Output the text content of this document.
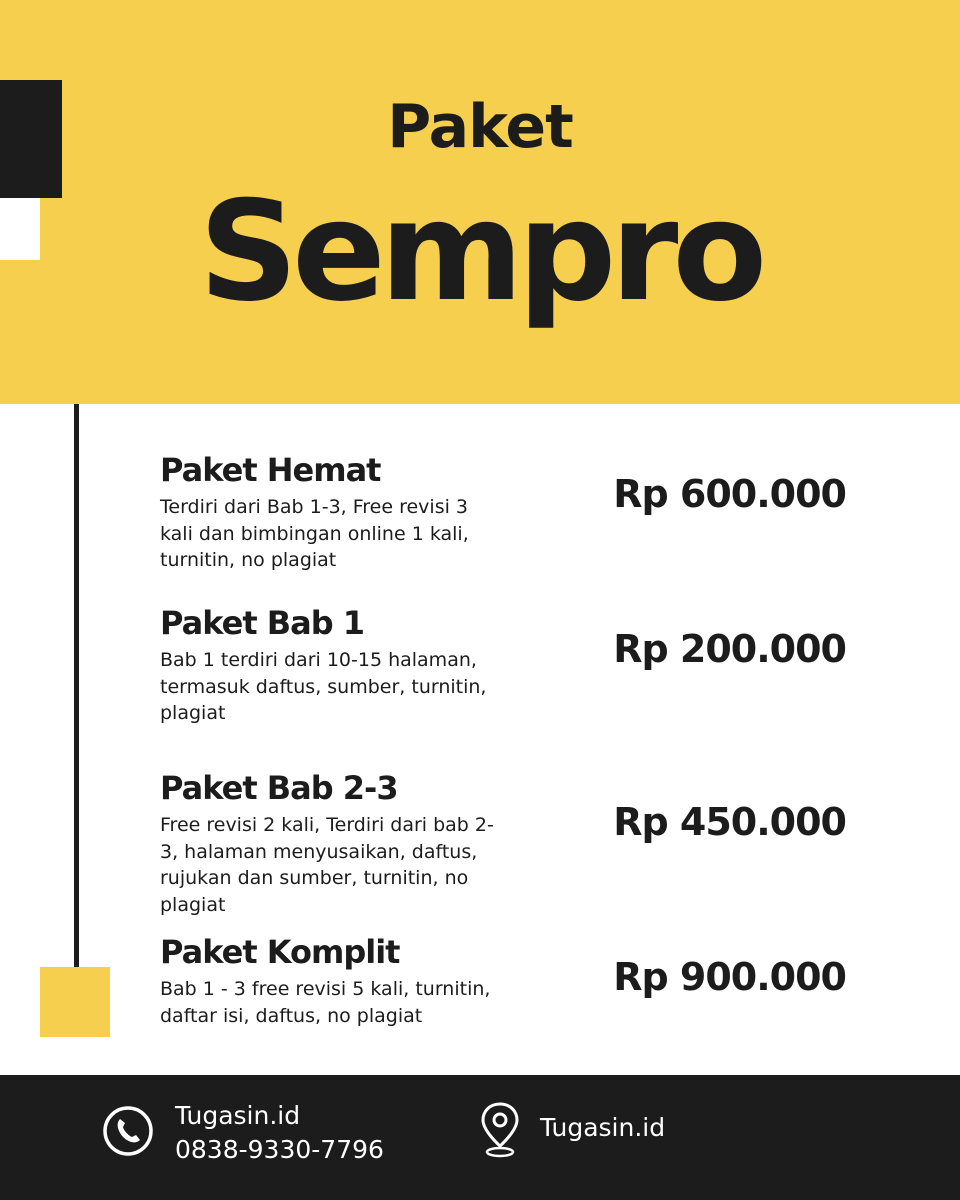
Paket
Sempro
Paket Hemat
Terdiri dari Bab 1-3, Free revisi 3 kali dan bimbingan online 1 kali, turnitin, no plagiat
Rp 600.000
Paket Bab 1
Bab 1 terdiri dari 10-15 halaman, termasuk daftus, sumber, turnitin, plagiat
Rp 200.000
Paket Bab 2-3
Free revisi 2 kali, Terdiri dari bab 2-3, halaman menyusaikan, daftus, rujukan dan sumber, turnitin, no plagiat
Rp 450.000
Paket Komplit
Bab 1 - 3 free revisi 5 kali, turnitin, daftar isi, daftus, no plagiat
Rp 900.000
Tugasin.id
0838-9330-7796
Tugasin.id
